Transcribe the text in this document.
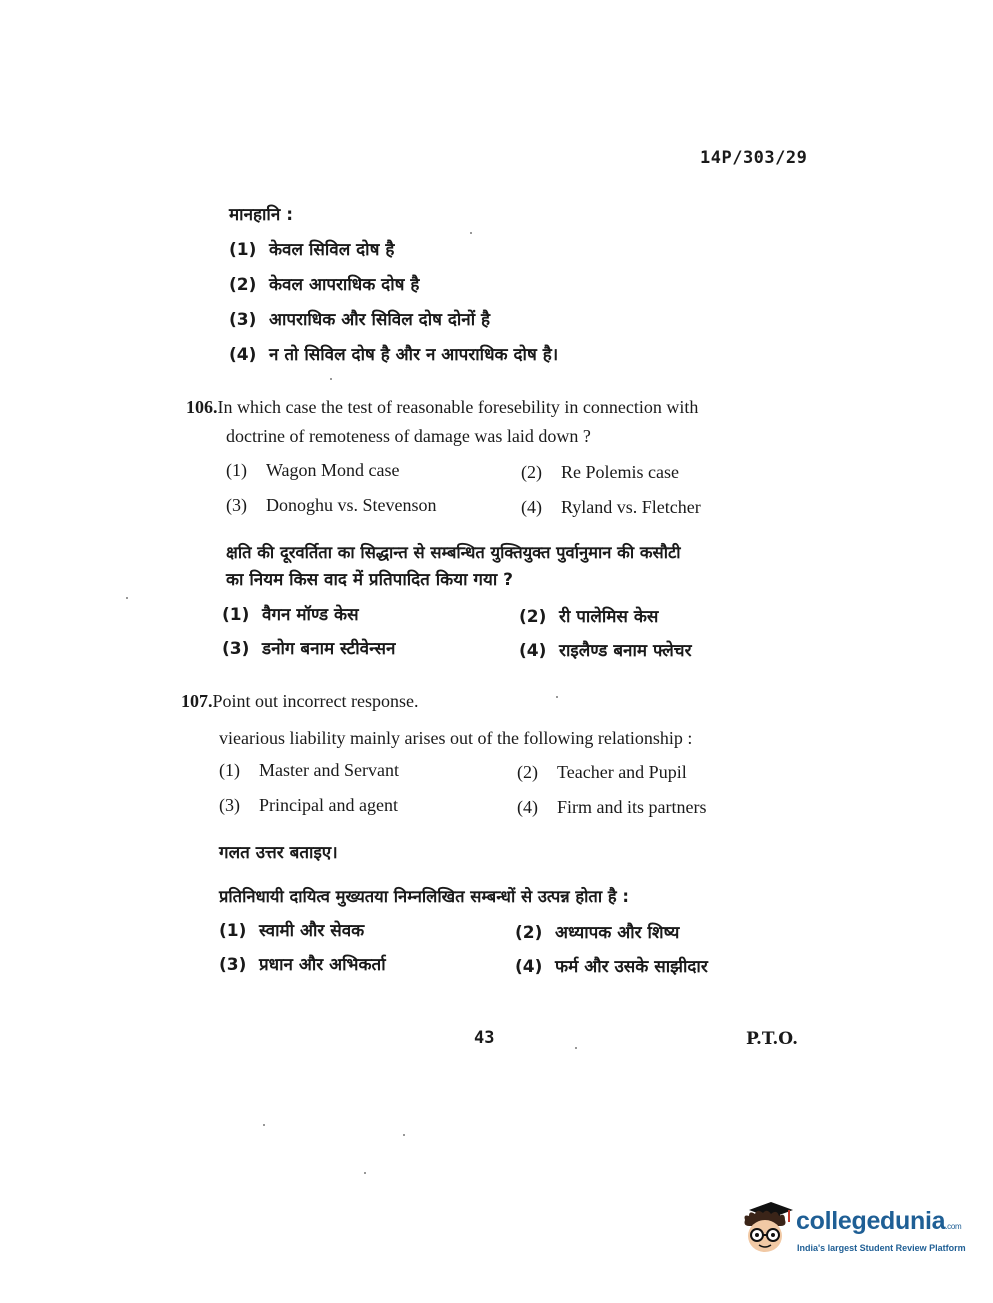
14P/303/29
मानहानि :
(1) केवल सिविल दोष है
(2) केवल आपराधिक दोष है
(3) आपराधिक और सिविल दोष दोनों है
(4) न तो सिविल दोष है और न आपराधिक दोष है।
106.In which case the test of reasonable foresebility in connection with
doctrine of remoteness of damage was laid down ?
(1) Wagon Mond case	(2) Re Polemis case
(3) Donoghu vs. Stevenson	(4) Ryland vs. Fletcher
क्षति की दूरवर्तिता का सिद्धान्त से सम्बन्धित युक्तियुक्त पुर्वानुमान की कसौटी
का नियम किस वाद में प्रतिपादित किया गया ?
(1) वैगन मॉण्ड केस	(2) री पालेमिस केस
(3) डनोग बनाम स्टीवेन्सन	(4) राइलैण्ड बनाम फ्लेचर
107.Point out incorrect response.
viearious liability mainly arises out of the following relationship :
(1) Master and Servant	(2) Teacher and Pupil
(3) Principal and agent	(4) Firm and its partners
गलत उत्तर बताइए।
प्रतिनिधायी दायित्व मुख्यतया निम्नलिखित सम्बन्धों से उत्पन्न होता है :
(1) स्वामी और सेवक	(2) अध्यापक और शिष्य
(3) प्रधान और अभिकर्ता	(4) फर्म और उसके साझीदार
43	P.T.O.
collegedunia.com
India's largest Student Review Platform
